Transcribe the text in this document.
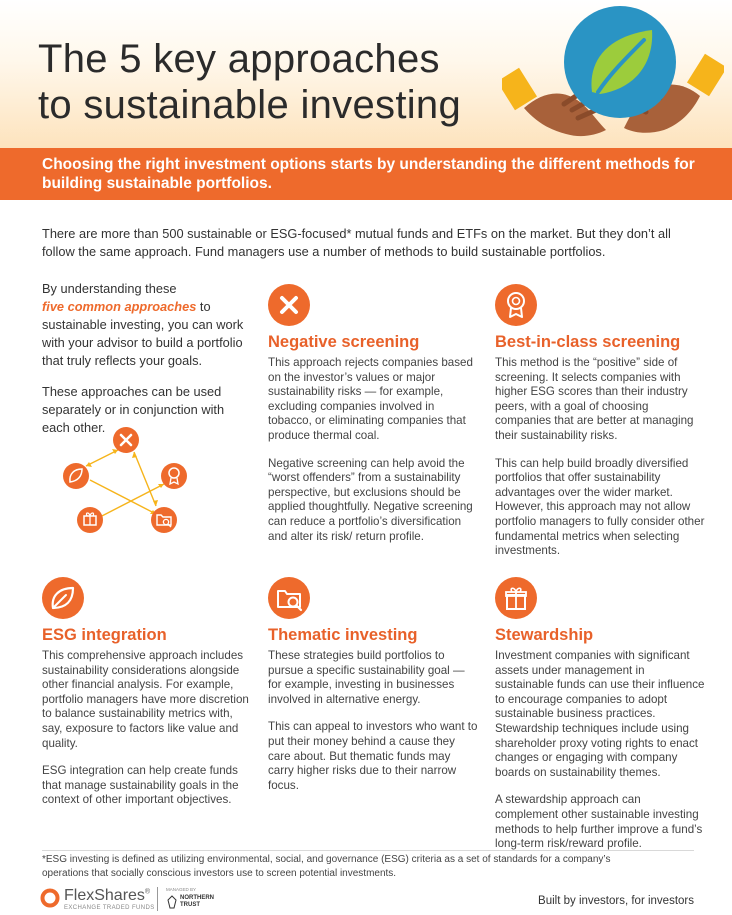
The 5 key approaches
to sustainable investing
Choosing the right investment options starts by understanding the different methods for building sustainable portfolios.

There are more than 500 sustainable or ESG-focused* mutual funds and ETFs on the market. But they don’t all follow the same approach. Fund managers use a number of methods to build sustainable portfolios.

By understanding these
five common approaches to sustainable investing, you can work with your advisor to build a portfolio that truly reflects your goals.

These approaches can be used separately or in conjunction with each other.

Negative screening

This approach rejects companies based on the investor’s values or major sustainability risks — for example, excluding companies involved in tobacco, or eliminating companies that produce thermal coal.

Negative screening can help avoid the “worst offenders” from a sustainability perspective, but exclusions should be applied thoughtfully. Negative screening can reduce a portfolio’s diversification and alter its risk/ return profile.

Best-in-class screening

This method is the “positive” side of screening. It selects companies with higher ESG scores than their industry peers, with a goal of choosing companies that are better at managing their sustainability risks.

This can help build broadly diversified portfolios that offer sustainability advantages over the wider market. However, this approach may not allow portfolio managers to fully consider other fundamental metrics when selecting investments.

ESG integration

This comprehensive approach includes sustainability considerations alongside other financial analysis. For example, portfolio managers have more discretion to balance sustainability metrics with, say, exposure to factors like value and quality.

ESG integration can help create funds that manage sustainability goals in the context of other important objectives.

Thematic investing

These strategies build portfolios to pursue a specific sustainability goal — for example, investing in businesses involved in alternative energy.

This can appeal to investors who want to put their money behind a cause they care about. But thematic funds may carry higher risks due to their narrow focus.

Stewardship

Investment companies with significant assets under management in sustainable funds can use their influence to encourage companies to adopt sustainable business practices. Stewardship techniques include using shareholder proxy voting rights to enact changes or engaging with company boards on sustainability themes.

A stewardship approach can complement other sustainable investing methods to help further improve a fund’s long-term risk/reward profile.

*ESG investing is defined as utilizing environmental, social, and governance (ESG) criteria as a set of standards for a company’s operations that socially conscious investors use to screen potential investments.

FlexShares®
EXCHANGE TRADED FUNDS
MANAGED BY
NORTHERN
TRUST	Built by investors, for investors
